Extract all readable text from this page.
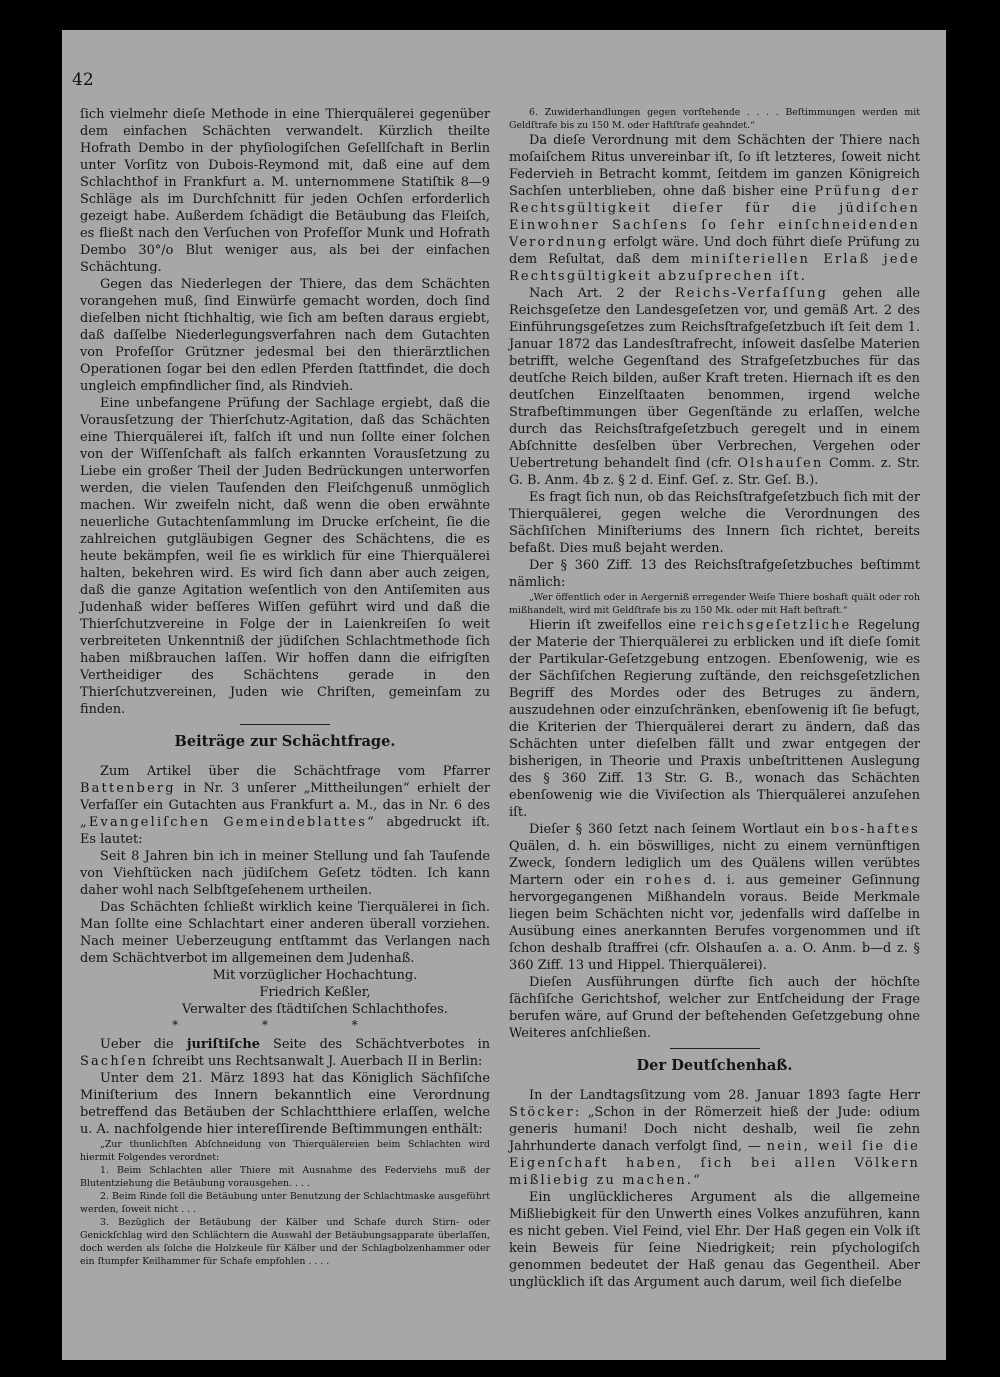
42

ſich vielmehr dieſe Methode in eine Thierquälerei gegenüber dem einfachen Schächten verwandelt. Kürzlich theilte Hofrath Dembo in der phyſiologiſchen Geſellſchaft in Berlin unter Vorſitz von Dubois-Reymond mit, daß eine auf dem Schlachthof in Frankfurt a. M. unternommene Statiſtik 8—9 Schläge als im Durchſchnitt für jeden Ochſen erforderlich gezeigt habe. Außerdem ſchädigt die Betäubung das Fleiſch, es fließt nach den Verſuchen von Profeſſor Munk und Hofrath Dembo 30°/o Blut weniger aus, als bei der einfachen Schächtung.

Gegen das Niederlegen der Thiere, das dem Schächten vorangehen muß, ſind Einwürfe gemacht worden, doch ſind dieſelben nicht ſtichhaltig, wie ſich am beſten daraus ergiebt, daß daſſelbe Niederlegungsverfahren nach dem Gutachten von Profeſſor Grützner jedesmal bei den thierärztlichen Operationen ſogar bei den edlen Pferden ſtattfindet, die doch ungleich empfindlicher ſind, als Rindvieh.

Eine unbefangene Prüfung der Sachlage ergiebt, daß die Vorausſetzung der Thierſchutz-Agitation, daß das Schächten eine Thierquälerei iſt, falſch iſt und nun ſollte einer ſolchen von der Wiſſenſchaft als falſch erkannten Vorausſetzung zu Liebe ein großer Theil der Juden Bedrückungen unterworfen werden, die vielen Tauſenden den Fleiſchgenuß unmöglich machen. Wir zweifeln nicht, daß wenn die oben erwähnte neuerliche Gutachtenſammlung im Drucke erſcheint, ſie die zahlreichen gutgläubigen Gegner des Schächtens, die es heute bekämpfen, weil ſie es wirklich für eine Thierquälerei halten, bekehren wird. Es wird ſich dann aber auch zeigen, daß die ganze Agitation weſentlich von den Antiſemiten aus Judenhaß wider beſſeres Wiſſen geführt wird und daß die Thierſchutzvereine in Folge der in Laienkreiſen ſo weit verbreiteten Unkenntniß der jüdiſchen Schlachtmethode ſich haben mißbrauchen laſſen. Wir hoffen dann die eifrigſten Vertheidiger des Schächtens gerade in den Thierſchutzvereinen, Juden wie Chriſten, gemeinſam zu finden.

Beiträge zur Schächtfrage.

Zum Artikel über die Schächtfrage vom Pfarrer Battenberg in Nr. 3 unſerer „Mittheilungen“ erhielt der Verfaſſer ein Gutachten aus Frankfurt a. M., das in Nr. 6 des „Evangeliſchen Gemeindeblattes“ abgedruckt iſt. Es lautet:

Seit 8 Jahren bin ich in meiner Stellung und ſah Tauſende von Viehſtücken nach jüdiſchem Geſetz tödten. Ich kann daher wohl nach Selbſtgeſehenem urtheilen.

Das Schächten ſchließt wirklich keine Tierquälerei in ſich. Man ſollte eine Schlachtart einer anderen überall vorziehen. Nach meiner Ueberzeugung entſtammt das Verlangen nach dem Schächtverbot im allgemeinen dem Judenhaß.

Mit vorzüglicher Hochachtung.
Friedrich Keßler,
Verwalter des ſtädtiſchen Schlachthofes.
* * *

Ueber die juriſtiſche Seite des Schächtverbotes in Sachſen ſchreibt uns Rechtsanwalt J. Auerbach II in Berlin:

Unter dem 21. März 1893 hat das Königlich Sächſiſche Miniſterium des Innern bekanntlich eine Verordnung betreffend das Betäuben der Schlachtthiere erlaſſen, welche u. A. nachfolgende hier intereſſirende Beſtimmungen enthält:

„Zur thunlichſten Abſchneidung von Thierquälereien beim Schlachten wird hiermit Folgendes verordnet:

1. Beim Schlachten aller Thiere mit Ausnahme des Federviehs muß der Blutentziehung die Betäubung vorausgehen. . . .

2. Beim Rinde ſoll die Betäubung unter Benutzung der Schlachtmaske ausgeführt werden, ſoweit nicht . . .

3. Bezüglich der Betäubung der Kälber und Schafe durch Stirn- oder Genickſchlag wird den Schlächtern die Auswahl der Betäubungsapparate überlaſſen, doch werden als ſolche die Holzkeule für Kälber und der Schlagbolzenhammer oder ein ſtumpfer Keilhammer für Schafe empfohlen . . . .

6. Zuwiderhandlungen gegen vorſtehende . . . . Beſtimmungen werden mit Geldſtrafe bis zu 150 M. oder Haftſtrafe geahndet.“

Da dieſe Verordnung mit dem Schächten der Thiere nach moſaiſchem Ritus unvereinbar iſt, ſo iſt letzteres, ſoweit nicht Federvieh in Betracht kommt, ſeitdem im ganzen Königreich Sachſen unterblieben, ohne daß bisher eine Prüfung der Rechtsgültigkeit dieſer für die jüdiſchen Einwohner Sachſens ſo ſehr einſchneidenden Verordnung erfolgt wäre. Und doch führt dieſe Prüfung zu dem Reſultat, daß dem miniſteriellen Erlaß jede Rechtsgültigkeit abzuſprechen iſt.

Nach Art. 2 der Reichs-Verfaſſung gehen alle Reichsgeſetze den Landesgeſetzen vor, und gemäß Art. 2 des Einführungsgeſetzes zum Reichsſtrafgeſetzbuch iſt ſeit dem 1. Januar 1872 das Landesſtrafrecht, inſoweit dasſelbe Materien betrifft, welche Gegenſtand des Strafgeſetzbuches für das deutſche Reich bilden, außer Kraft treten. Hiernach iſt es den deutſchen Einzelſtaaten benommen, irgend welche Strafbeſtimmungen über Gegenſtände zu erlaſſen, welche durch das Reichsſtrafgeſetzbuch geregelt und in einem Abſchnitte desſelben über Verbrechen, Vergehen oder Uebertretung behandelt ſind (cfr. Olshauſen Comm. z. Str. G. B. Anm. 4b z. § 2 d. Einf. Geſ. z. Str. Geſ. B.).

Es fragt ſich nun, ob das Reichsſtrafgeſetzbuch ſich mit der Thierquälerei, gegen welche die Verordnungen des Sächſiſchen Miniſteriums des Innern ſich richtet, bereits befaßt. Dies muß bejaht werden.

Der § 360 Ziff. 13 des Reichsſtrafgeſetzbuches beſtimmt nämlich:

„Wer öffentlich oder in Aergerniß erregender Weiſe Thiere boshaft quält oder roh mißhandelt, wird mit Geldſtrafe bis zu 150 Mk. oder mit Haft beſtraft.“

Hierin iſt zweifellos eine reichsgeſetzliche Regelung der Materie der Thierquälerei zu erblicken und iſt dieſe ſomit der Partikular-Geſetzgebung entzogen. Ebenſowenig, wie es der Sächſiſchen Regierung zuſtände, den reichsgeſetzlichen Begriff des Mordes oder des Betruges zu ändern, auszudehnen oder einzuſchränken, ebenſowenig iſt ſie befugt, die Kriterien der Thierquälerei derart zu ändern, daß das Schächten unter dieſelben fällt und zwar entgegen der bisherigen, in Theorie und Praxis unbeſtrittenen Auslegung des § 360 Ziff. 13 Str. G. B., wonach das Schächten ebenſowenig wie die Viviſection als Thierquälerei anzuſehen iſt.

Dieſer § 360 ſetzt nach ſeinem Wortlaut ein bos-haftes Quälen, d. h. ein böswilliges, nicht zu einem vernünftigen Zweck, ſondern lediglich um des Quälens willen verübtes Martern oder ein rohes d. i. aus gemeiner Geſinnung hervorgegangenen Mißhandeln voraus. Beide Merkmale liegen beim Schächten nicht vor, jedenfalls wird daſſelbe in Ausübung eines anerkannten Berufes vorgenommen und iſt ſchon deshalb ſtraffrei (cfr. Olshauſen a. a. O. Anm. b—d z. § 360 Ziff. 13 und Hippel. Thierquälerei).

Dieſen Ausführungen dürfte ſich auch der höchſte ſächſiſche Gerichtshof, welcher zur Entſcheidung der Frage berufen wäre, auf Grund der beſtehenden Geſetzgebung ohne Weiteres anſchließen.

Der Deutſchenhaß.

In der Landtagsſitzung vom 28. Januar 1893 ſagte Herr Stöcker: „Schon in der Römerzeit hieß der Jude: odium generis humani! Doch nicht deshalb, weil ſie zehn Jahrhunderte danach verfolgt ſind, — nein, weil ſie die Eigenſchaft haben, ſich bei allen Völkern mißliebig zu machen.“

Ein unglücklicheres Argument als die allgemeine Mißliebigkeit für den Unwerth eines Volkes anzuführen, kann es nicht geben. Viel Feind, viel Ehr. Der Haß gegen ein Volk iſt kein Beweis für ſeine Niedrigkeit; rein pſychologiſch genommen bedeutet der Haß genau das Gegentheil. Aber unglücklich iſt das Argument auch darum, weil ſich dieſelbe
